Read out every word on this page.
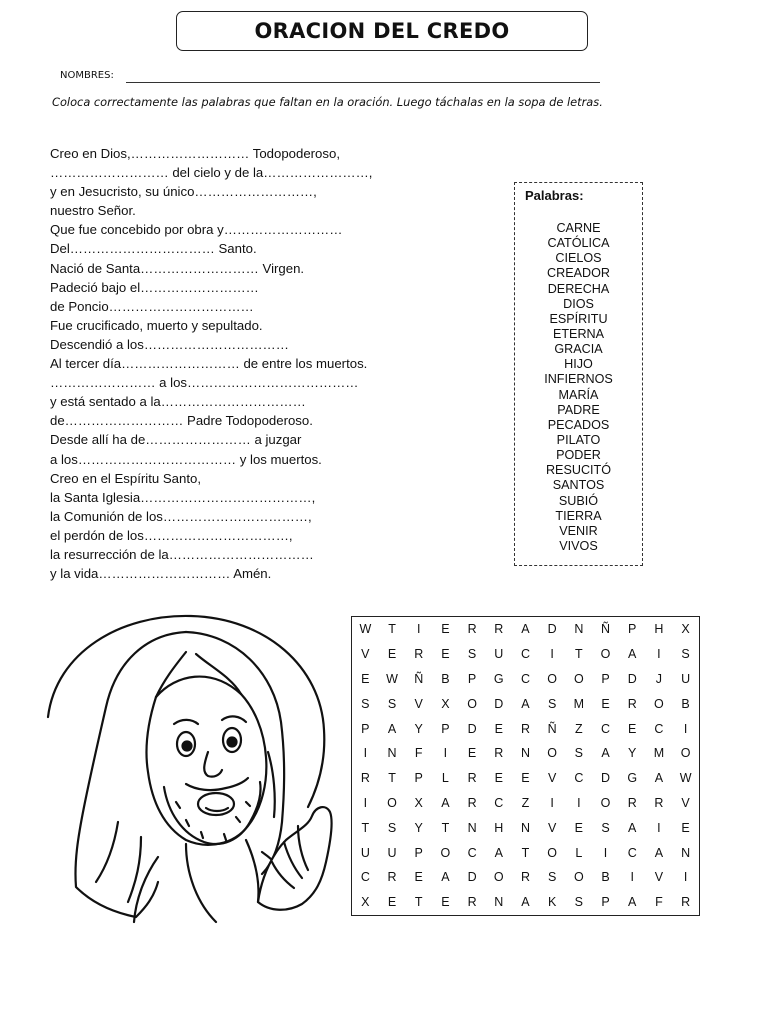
ORACION DEL CREDO
NOMBRES:
Coloca correctamente las palabras que faltan en la oración. Luego táchalas en la sopa de letras.
Creo en Dios,……………………… Todopoderoso,
……………………… del cielo y de la……………………,
y en Jesucristo, su único………………………,
nuestro Señor.
Que fue concebido por obra y………………………
Del…………………………… Santo.
Nació de Santa……………………… Virgen.
Padeció bajo el………………………
de Poncio……………………………
Fue crucificado, muerto y sepultado.
Descendió a los……………………………
Al tercer día……………………… de entre los muertos.
…………………… a los…………………………………
y está sentado a la……………………………
de……………………… Padre Todopoderoso.
Desde allí ha de…………………… a juzgar
a los……………………………… y los muertos.
Creo en el Espíritu Santo,
la Santa Iglesia…………………………………,
la Comunión de los……………………………,
el perdón de los……………………………,
la resurrección de la……………………………
y la vida………………………… Amén.
Palabras:
CARNE
CATÓLICA
CIELOS
CREADOR
DERECHA
DIOS
ESPÍRITU
ETERNA
GRACIA
HIJO
INFIERNOS
MARÍA
PADRE
PECADOS
PILATO
PODER
RESUCITÓ
SANTOS
SUBIÓ
TIERRA
VENIR
VIVOS
W	T	I	E	R	R	A	D	N	Ñ	P	H	X
V	E	R	E	S	U	C	I	T	O	A	I	S
E	W	Ñ	B	P	G	C	O	O	P	D	J	U
S	S	V	X	O	D	A	S	M	E	R	O	B
P	A	Y	P	D	E	R	Ñ	Z	C	E	C	I
I	N	F	I	E	R	N	O	S	A	Y	M	O
R	T	P	L	R	E	E	V	C	D	G	A	W
I	O	X	A	R	C	Z	I	I	O	R	R	V
T	S	Y	T	N	H	N	V	E	S	A	I	E
U	U	P	O	C	A	T	O	L	I	C	A	N
C	R	E	A	D	O	R	S	O	B	I	V	I
X	E	T	E	R	N	A	K	S	P	A	F	R
